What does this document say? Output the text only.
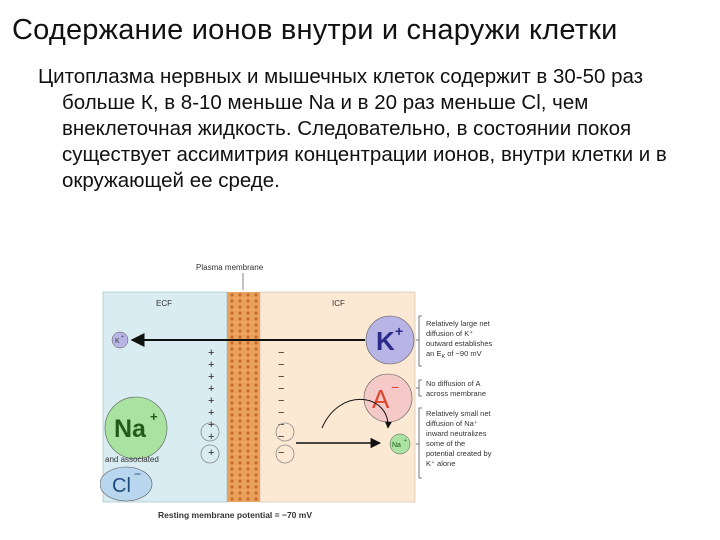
Содержание ионов внутри и снаружи клетки
Цитоплазма нервных и мышечных клеток содержит в 30-50 раз больше К, в 8-10 меньше Na и в 20 раз меньше Cl, чем внеклеточная жидкость. Следовательно, в состоянии покоя существует ассимитрия концентрации ионов, внутри клетки и в окружающей ее среде.
Plasma membrane
ECF	ICF
K
+	K +
A −
+
+
+
+
+
+
+
+
+
−
−
−
−
−
−
−
−
−
Na +
and associated
Cl
−
Na
+
Relatively large net diffusion of K⁺ outward establishes an $E_K$ of −90 mV
No diffusion of A across membrane
Relatively small net diffusion of Na⁺ inward neutralizes some of the potential created by K⁺ alone
Resting membrane potential = −70 mV
